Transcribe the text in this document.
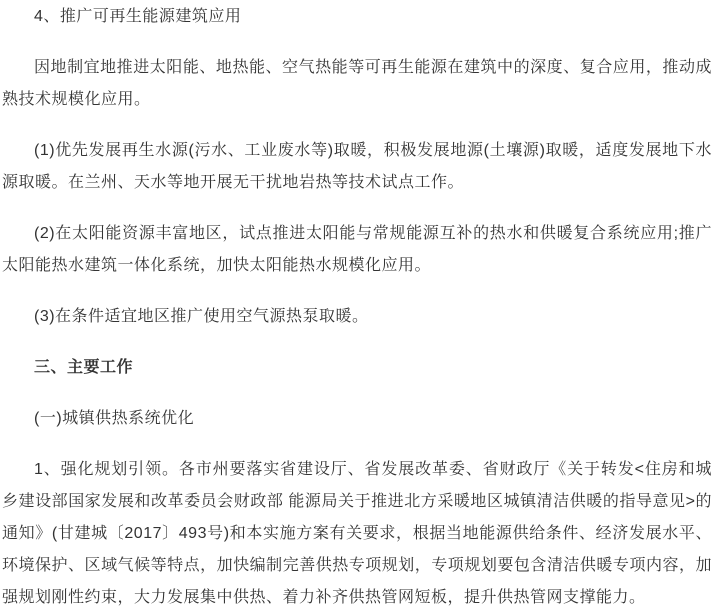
4、推广可再生能源建筑应用

因地制宜地推进太阳能、地热能、空气热能等可再生能源在建筑中的深度、复合应用，推动成熟技术规模化应用。

(1)优先发展再生水源(污水、工业废水等)取暖，积极发展地源(土壤源)取暖，适度发展地下水源取暖。在兰州、天水等地开展无干扰地岩热等技术试点工作。

(2)在太阳能资源丰富地区，试点推进太阳能与常规能源互补的热水和供暖复合系统应用;推广太阳能热水建筑一体化系统，加快太阳能热水规模化应用。

(3)在条件适宜地区推广使用空气源热泵取暖。

三、主要工作

(一)城镇供热系统优化

1、强化规划引领。各市州要落实省建设厅、省发展改革委、省财政厅《关于转发<住房和城乡建设部国家发展和改革委员会财政部 能源局关于推进北方采暖地区城镇清洁供暖的指导意见>的通知》(甘建城〔2017〕493号)和本实施方案有关要求，根据当地能源供给条件、经济发展水平、环境保护、区域气候等特点，加快编制完善供热专项规划，专项规划要包含清洁供暖专项内容，加强规划刚性约束，大力发展集中供热、着力补齐供热管网短板，提升供热管网支撑能力。
